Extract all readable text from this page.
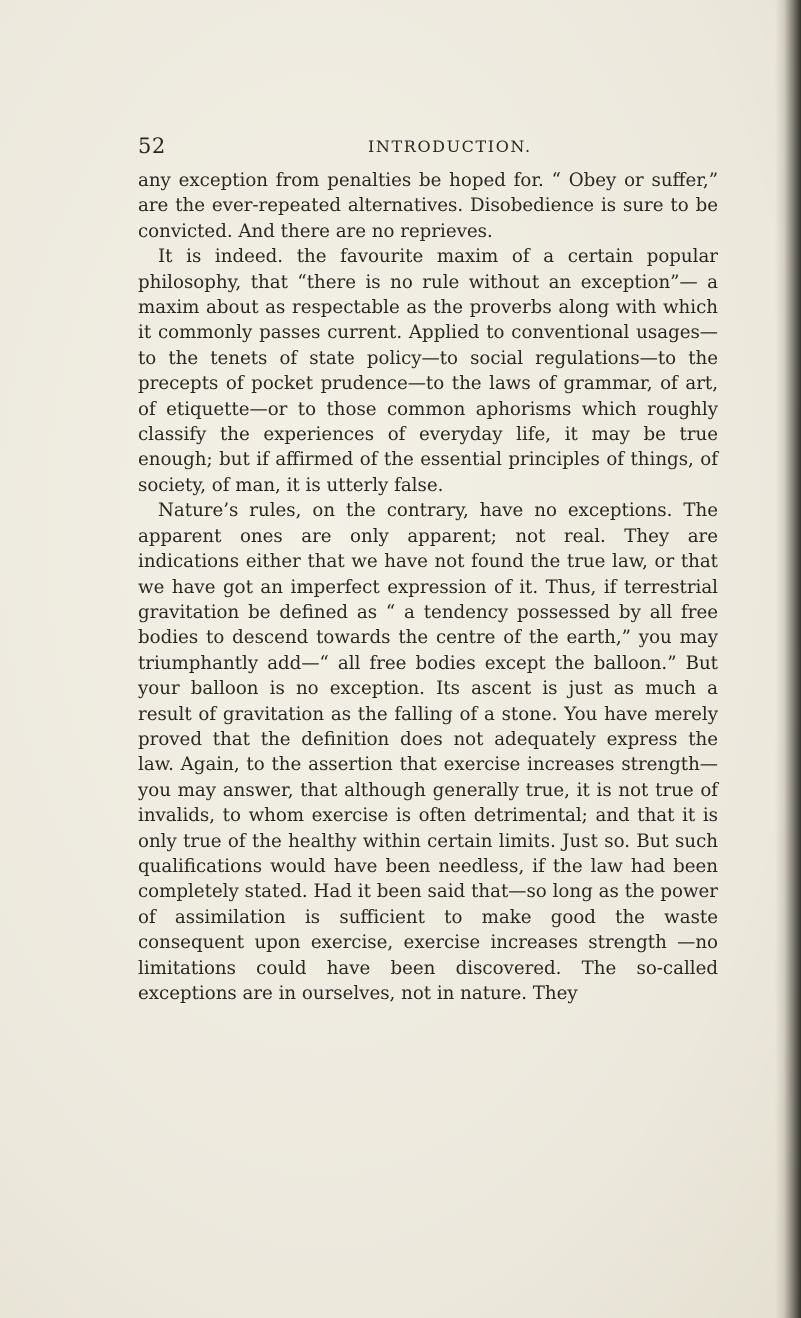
52	INTRODUCTION.

any exception from penalties be hoped for. “ Obey or suffer,” are the ever-repeated alternatives. Disobedience is sure to be convicted. And there are no reprieves.

It is indeed. the favourite maxim of a certain popular philosophy, that “there is no rule without an exception”— a maxim about as respectable as the proverbs along with which it commonly passes current. Applied to conventional usages—to the tenets of state policy—to social regulations—to the precepts of pocket prudence—to the laws of grammar, of art, of etiquette—or to those common aphorisms which roughly classify the experiences of everyday life, it may be true enough; but if affirmed of the essential principles of things, of society, of man, it is utterly false.

Nature’s rules, on the contrary, have no exceptions. The apparent ones are only apparent; not real. They are indications either that we have not found the true law, or that we have got an imperfect expression of it. Thus, if terrestrial gravitation be defined as “ a tendency possessed by all free bodies to descend towards the centre of the earth,” you may triumphantly add—“ all free bodies except the balloon.” But your balloon is no exception. Its ascent is just as much a result of gravitation as the falling of a stone. You have merely proved that the definition does not adequately express the law. Again, to the assertion that exercise increases strength—you may answer, that although generally true, it is not true of invalids, to whom exercise is often detrimental; and that it is only true of the healthy within certain limits. Just so. But such qualifications would have been needless, if the law had been completely stated. Had it been said that—so long as the power of assimilation is sufficient to make good the waste consequent upon exercise, exercise increases strength —no limitations could have been discovered. The so-called exceptions are in ourselves, not in nature. They
